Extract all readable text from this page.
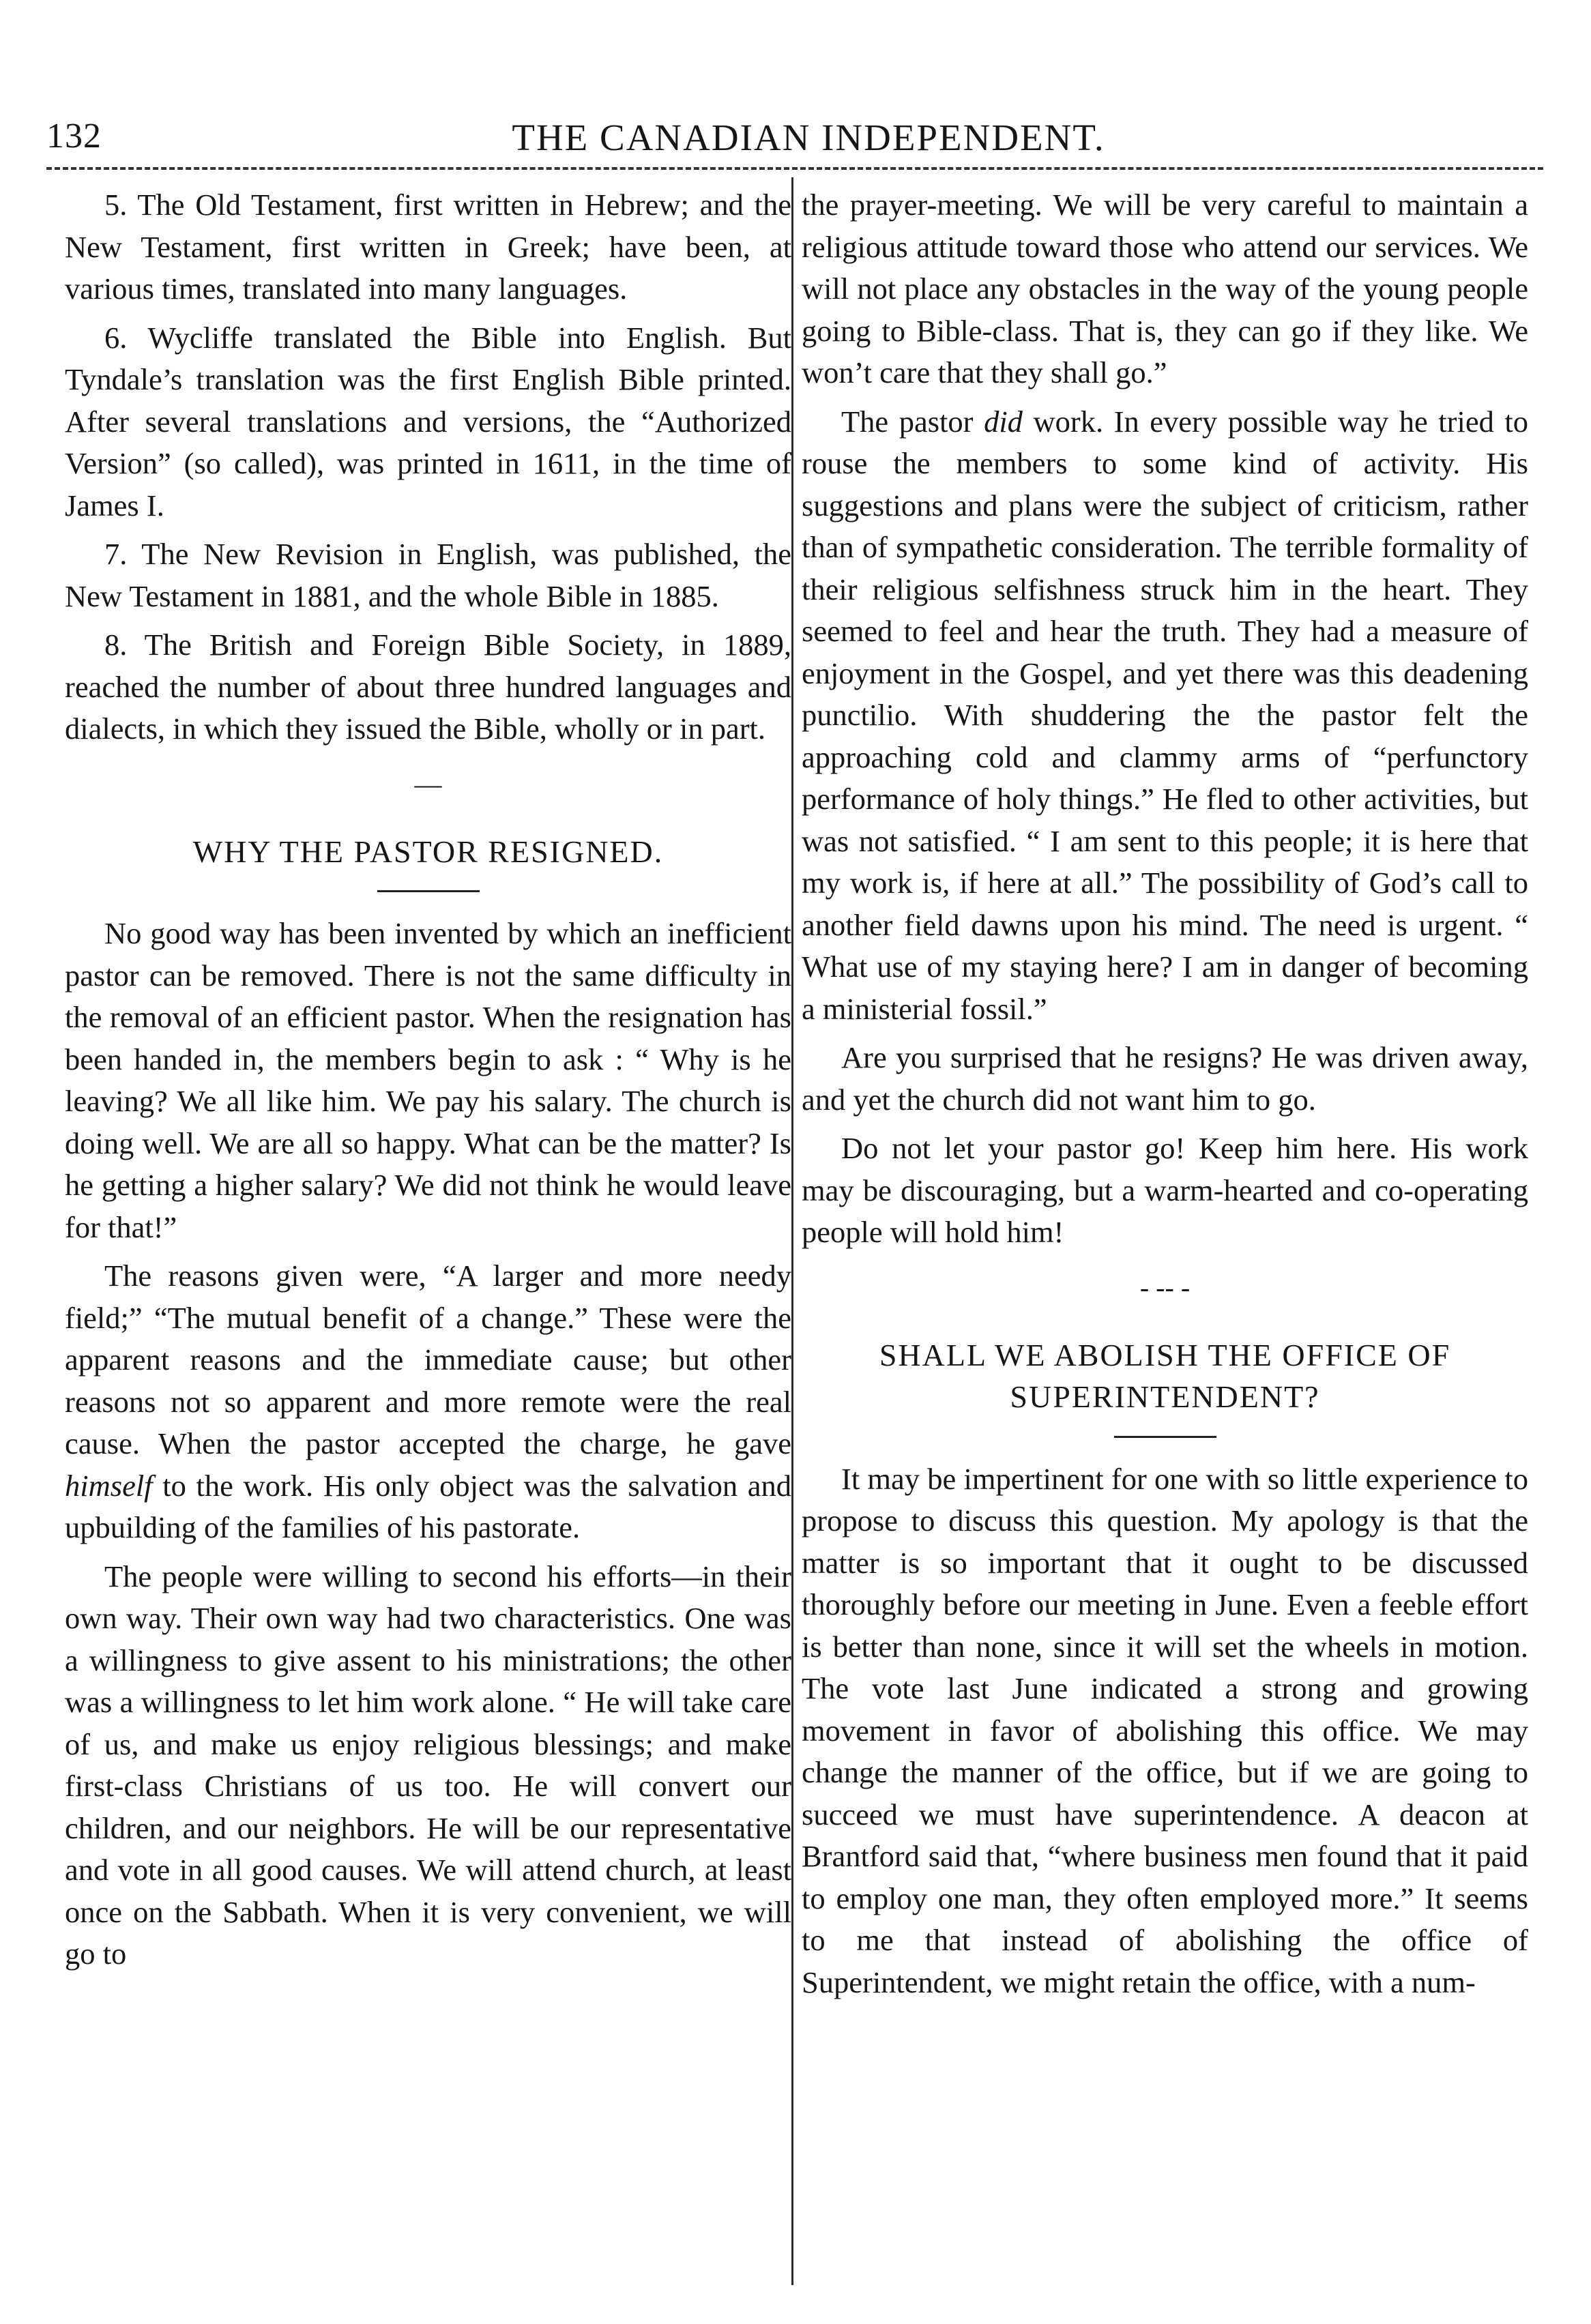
132	THE CANADIAN INDEPENDENT.

5. The Old Testament, first written in Hebrew; and the New Testament, first written in Greek; have been, at various times, translated into many languages.

6. Wycliffe translated the Bible into English. But Tyndale’s translation was the first English Bible printed. After several translations and versions, the “Authorized Version” (so called), was printed in 1611, in the time of James I.

7. The New Revision in English, was published, the New Testament in 1881, and the whole Bible in 1885.

8. The British and Foreign Bible Society, in 1889, reached the number of about three hundred languages and dialects, in which they issued the Bible, wholly or in part.

—
WHY THE PASTOR RESIGNED.

No good way has been invented by which an inefficient pastor can be removed. There is not the same difficulty in the removal of an efficient pastor. When the resignation has been handed in, the members begin to ask : “ Why is he leaving? We all like him. We pay his salary. The church is doing well. We are all so happy. What can be the matter? Is he getting a higher salary? We did not think he would leave for that!”

The reasons given were, “A larger and more needy field;” “The mutual benefit of a change.” These were the apparent reasons and the immediate cause; but other reasons not so apparent and more remote were the real cause. When the pastor accepted the charge, he gave himself to the work. His only object was the salvation and upbuilding of the families of his pastorate.

The people were willing to second his efforts—in their own way. Their own way had two characteristics. One was a willingness to give assent to his ministrations; the other was a willingness to let him work alone. “ He will take care of us, and make us enjoy religious blessings; and make first-class Christians of us too. He will convert our children, and our neighbors. He will be our representative and vote in all good causes. We will attend church, at least once on the Sabbath. When it is very convenient, we will go to

the prayer-meeting. We will be very careful to maintain a religious attitude toward those who attend our services. We will not place any obstacles in the way of the young people going to Bible-class. That is, they can go if they like. We won’t care that they shall go.”

The pastor did work. In every possible way he tried to rouse the members to some kind of activity. His suggestions and plans were the subject of criticism, rather than of sympathetic consideration. The terrible formality of their religious selfishness struck him in the heart. They seemed to feel and hear the truth. They had a measure of enjoyment in the Gospel, and yet there was this deadening punctilio. With shuddering the the pastor felt the approaching cold and clammy arms of “perfunctory performance of holy things.” He fled to other activities, but was not satisfied. “ I am sent to this people; it is here that my work is, if here at all.” The possibility of God’s call to another field dawns upon his mind. The need is urgent. “ What use of my staying here? I am in danger of becoming a ministerial fossil.”

Are you surprised that he resigns? He was driven away, and yet the church did not want him to go.

Do not let your pastor go! Keep him here. His work may be discouraging, but a warm-hearted and co-operating people will hold him!

- -- -
SHALL WE ABOLISH THE OFFICE OF SUPERINTENDENT?

It may be impertinent for one with so little experience to propose to discuss this question. My apology is that the matter is so important that it ought to be discussed thoroughly before our meeting in June. Even a feeble effort is better than none, since it will set the wheels in motion. The vote last June indicated a strong and growing movement in favor of abolishing this office. We may change the manner of the office, but if we are going to succeed we must have superintendence. A deacon at Brantford said that, “where business men found that it paid to employ one man, they often employed more.” It seems to me that instead of abolishing the office of Superintendent, we might retain the office, with a num-
